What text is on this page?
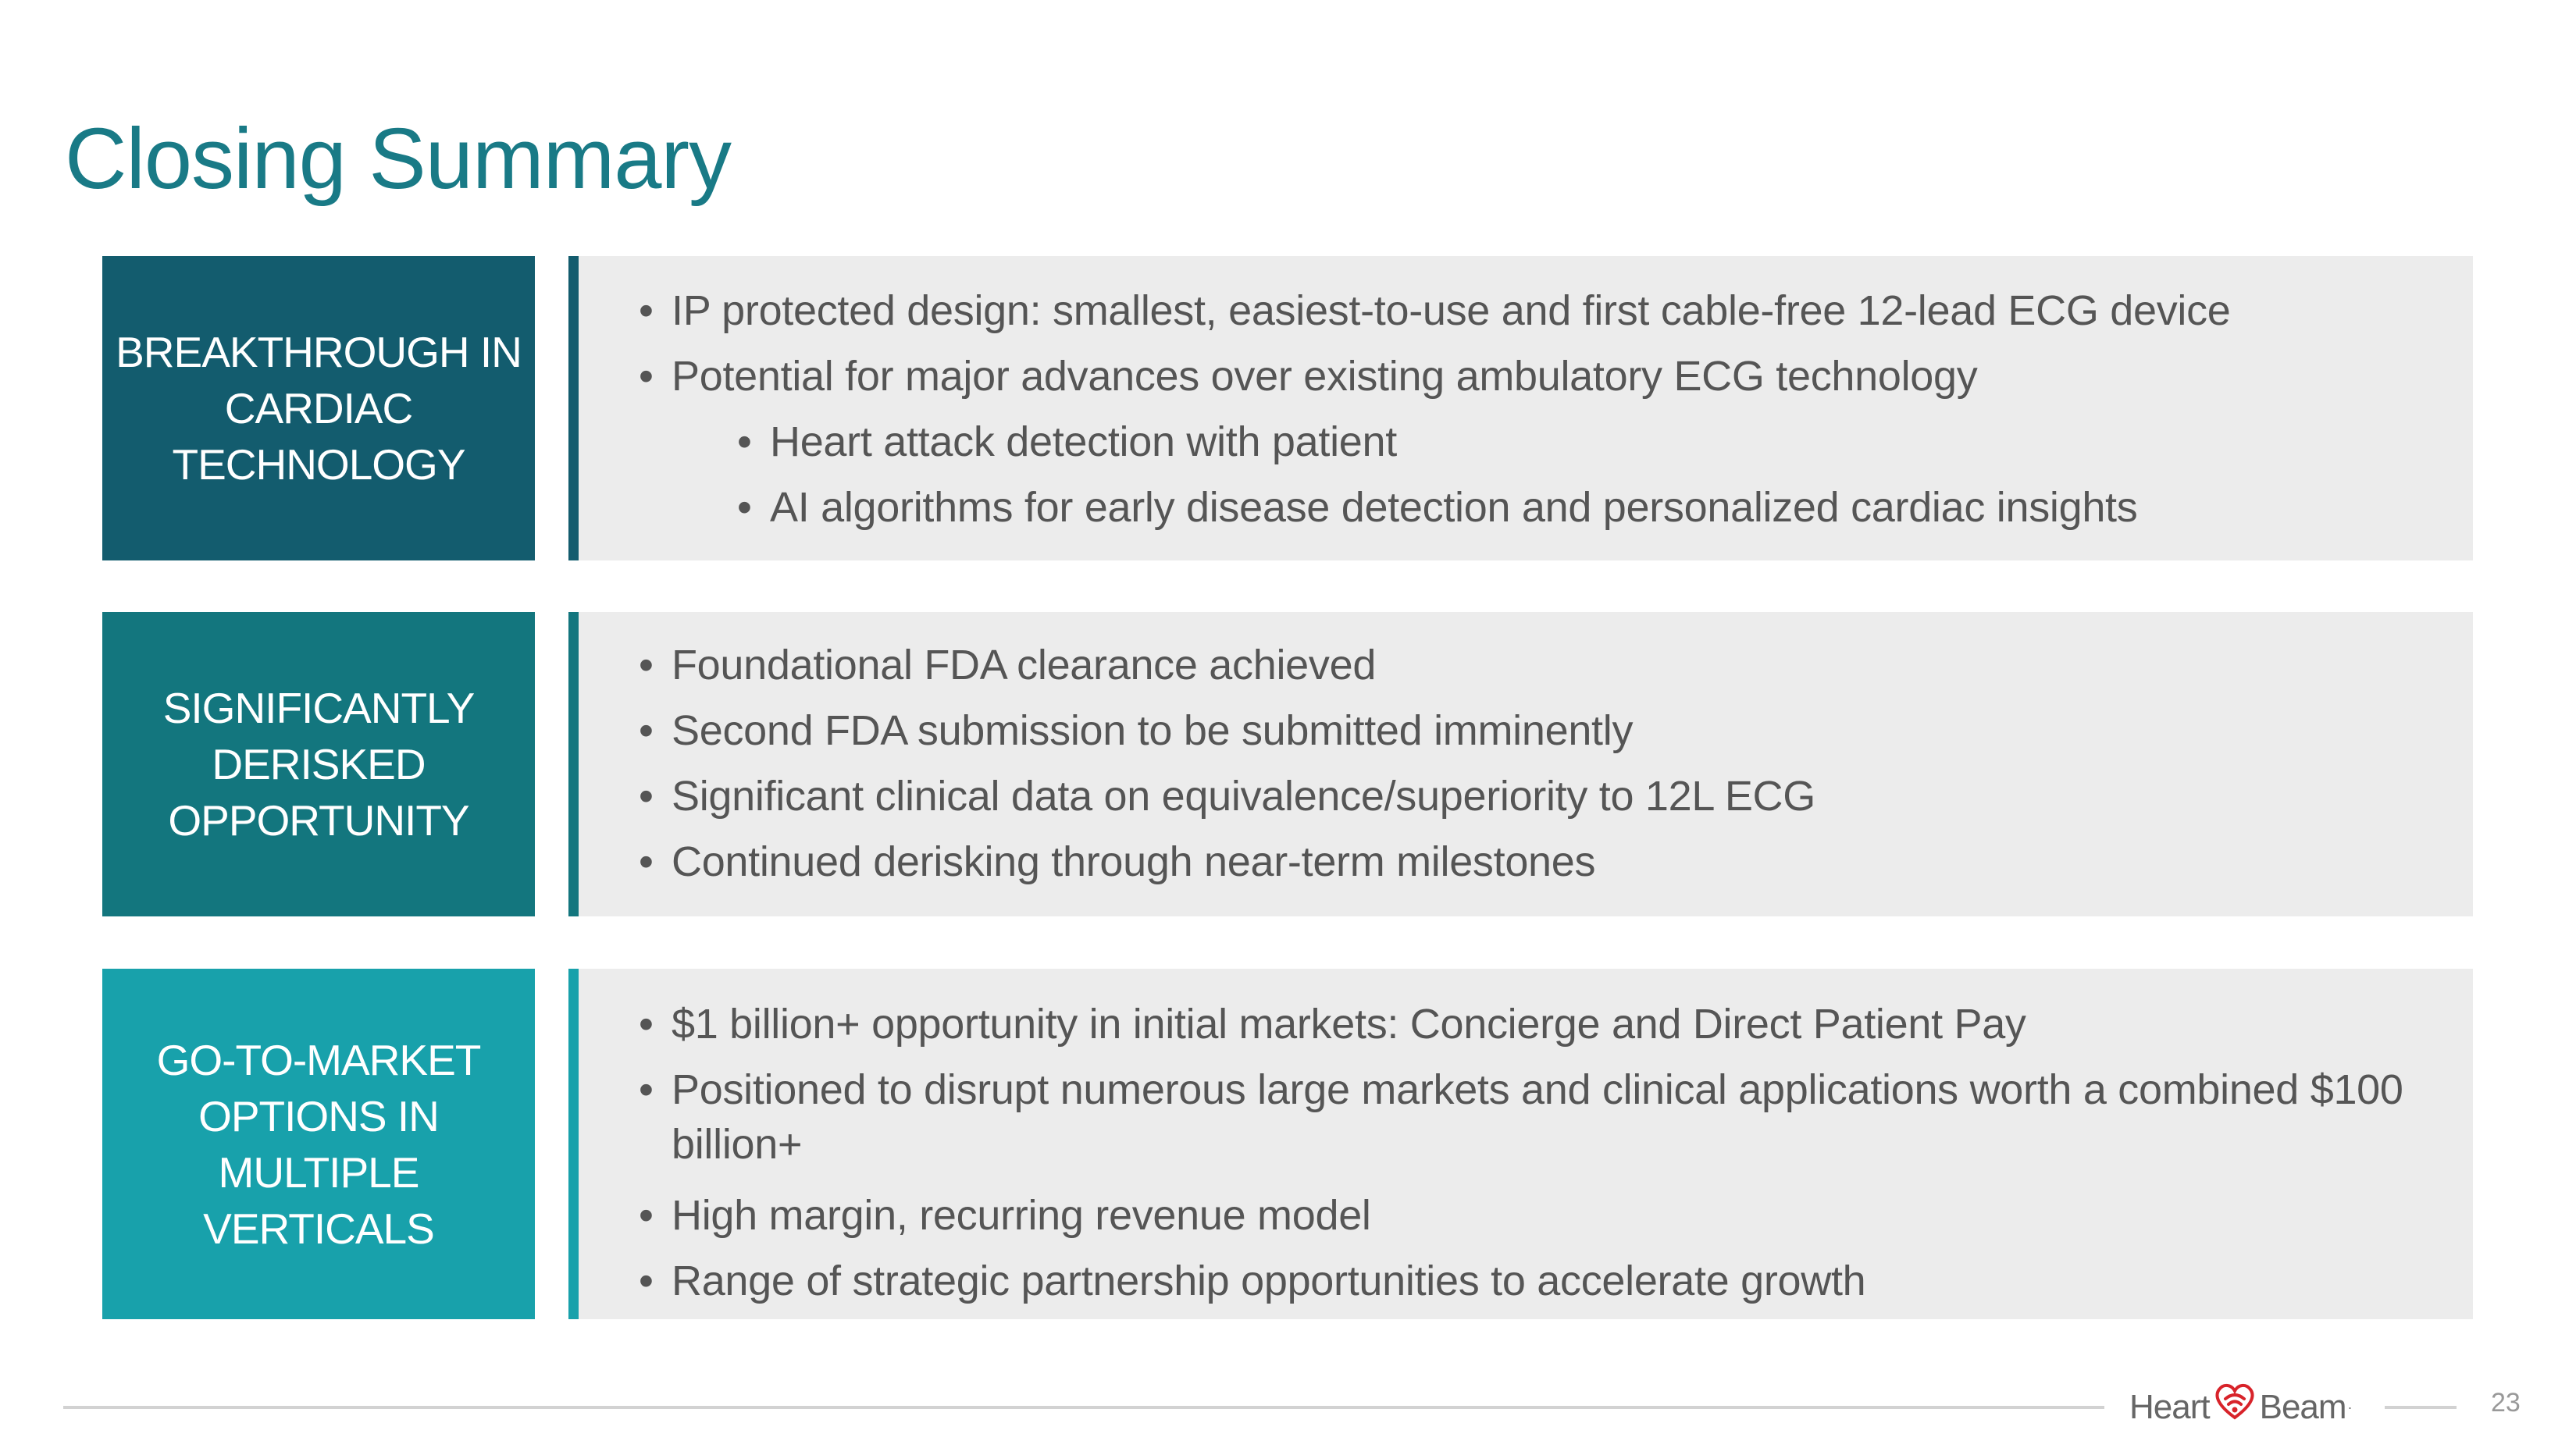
Closing Summary
BREAKTHROUGH IN
CARDIAC
TECHNOLOGY
• IP protected design: smallest, easiest-to-use and first cable-free 12-lead ECG device
• Potential for major advances over existing ambulatory ECG technology
• Heart attack detection with patient
• AI algorithms for early disease detection and personalized cardiac insights
SIGNIFICANTLY
DERISKED
OPPORTUNITY
• Foundational FDA clearance achieved
• Second FDA submission to be submitted imminently
• Significant clinical data on equivalence/superiority to 12L ECG
• Continued derisking through near-term milestones
GO-TO-MARKET
OPTIONS IN
MULTIPLE
VERTICALS
• $1 billion+ opportunity in initial markets: Concierge and Direct Patient Pay
• Positioned to disrupt numerous large markets and clinical applications worth a combined $100 billion+
• High margin, recurring revenue model
• Range of strategic partnership opportunities to accelerate growth
Heart Beam ·	23
